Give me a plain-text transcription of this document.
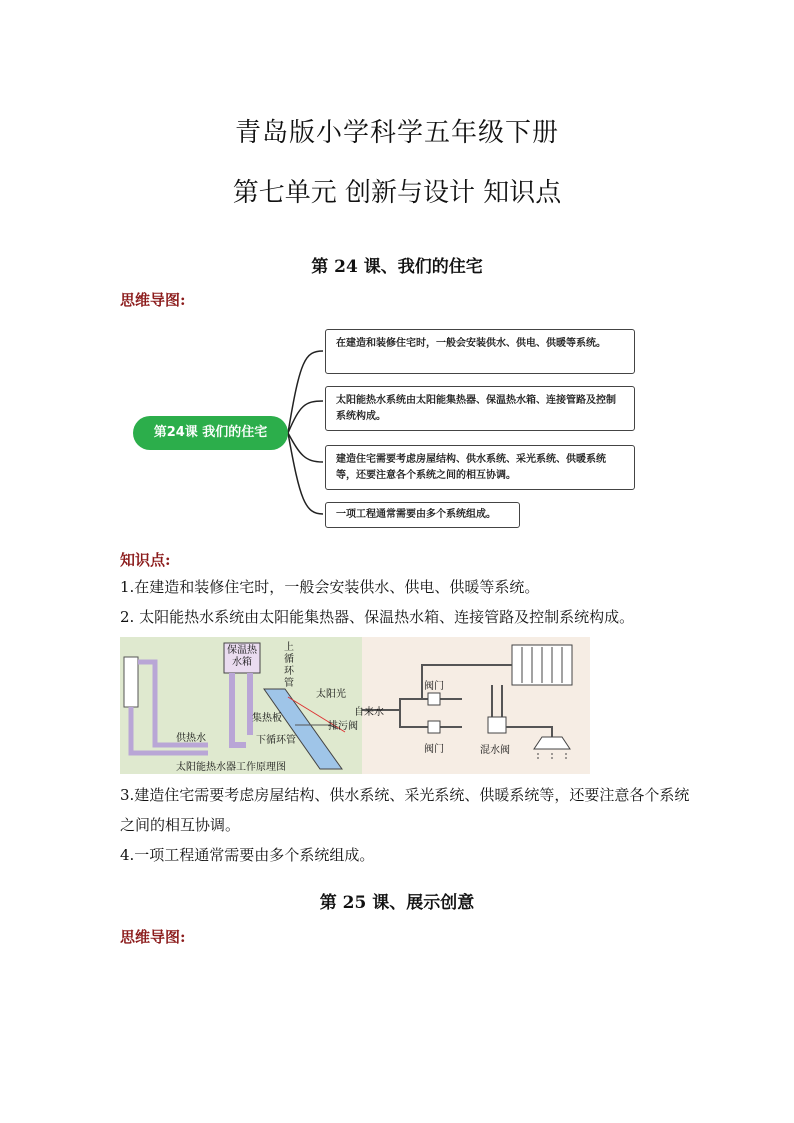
青岛版小学科学五年级下册
第七单元 创新与设计 知识点
第 24 课、我们的住宅
思维导图:
第24课 我们的住宅
在建造和装修住宅时，一般会安装供水、供电、供暖等系统。
太阳能热水系统由太阳能集热器、保温热水箱、连接管路及控制系统构成。
建造住宅需要考虑房屋结构、供水系统、采光系统、供暖系统等，还要注意各个系统之间的相互协调。
一项工程通常需要由多个系统组成。
知识点:
1.在建造和装修住宅时，一般会安装供水、供电、供暖等系统。
2. 太阳能热水系统由太阳能集热器、保温热水箱、连接管路及控制系统构成。
保温热水箱
上循环管
太阳光
集热板
排污阀
供热水	下循环管
太阳能热水器工作原理图
自来水
阀门
阀门	混水阀
3.建造住宅需要考虑房屋结构、供水系统、采光系统、供暖系统等，还要注意各个系统之间的相互协调。
4.一项工程通常需要由多个系统组成。
第 25 课、展示创意
思维导图:
